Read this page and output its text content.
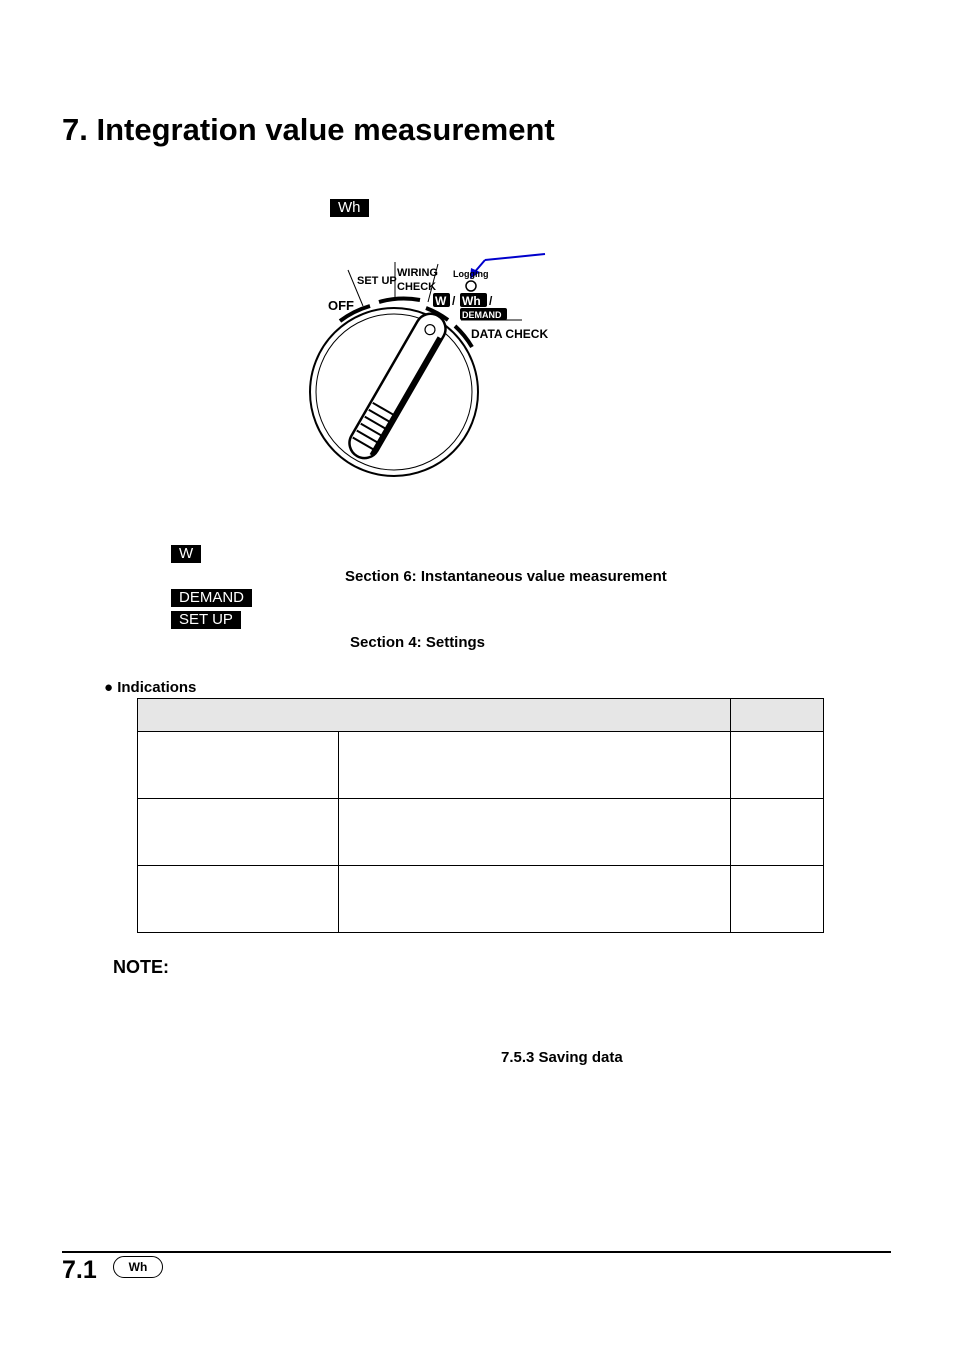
7. Integration value measurement
Wh
OFF
SET UP
WIRING
CHECK
Logging
W / Wh /
DEMAND
DATA CHECK
W
Section 6: Instantaneous value measurement
DEMAND
SET UP
Section 4: Settings
● Indications

NOTE:
7.5.3 Saving data
7.1	Wh
